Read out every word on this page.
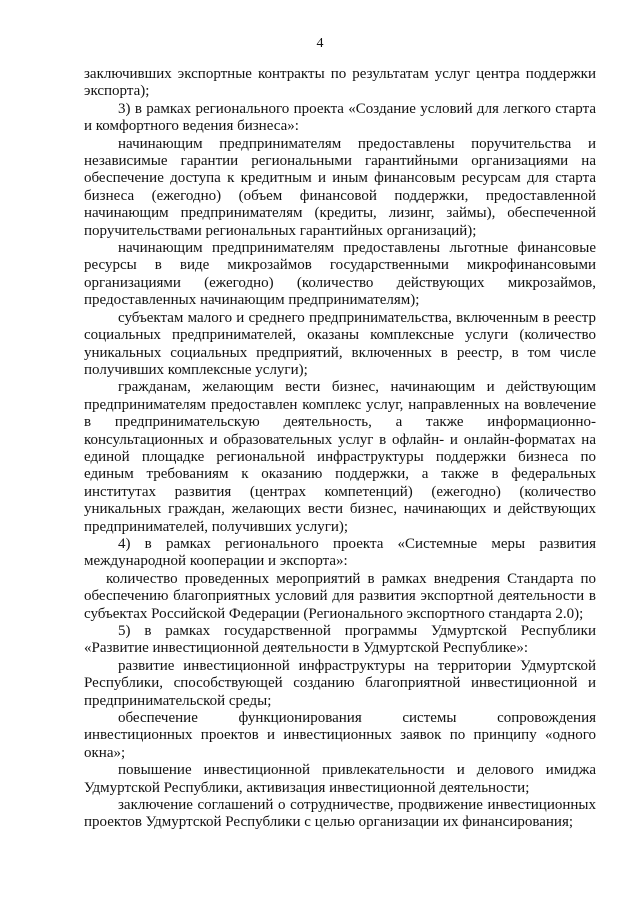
4

заключивших экспортные контракты по результатам услуг центра поддержки экспорта);

3) в рамках регионального проекта «Создание условий для легкого старта и комфортного ведения бизнеса»:

начинающим предпринимателям предоставлены поручительства и независимые гарантии региональными гарантийными организациями на обеспечение доступа к кредитным и иным финансовым ресурсам для старта бизнеса (ежегодно) (объем финансовой поддержки, предоставленной начинающим предпринимателям (кредиты, лизинг, займы), обеспеченной поручительствами региональных гарантийных организаций);

начинающим предпринимателям предоставлены льготные финансовые ресурсы в виде микрозаймов государственными микрофинансовыми организациями (ежегодно) (количество действующих микрозаймов, предоставленных начинающим предпринимателям);

субъектам малого и среднего предпринимательства, включенным в реестр социальных предпринимателей, оказаны комплексные услуги (количество уникальных социальных предприятий, включенных в реестр, в том числе получивших комплексные услуги);

гражданам, желающим вести бизнес, начинающим и действующим предпринимателям предоставлен комплекс услуг, направленных на вовлечение в предпринимательскую деятельность, а также информационно-консультационных и образовательных услуг в офлайн- и онлайн-форматах на единой площадке региональной инфраструктуры поддержки бизнеса по единым требованиям к оказанию поддержки, а также в федеральных институтах развития (центрах компетенций) (ежегодно) (количество уникальных граждан, желающих вести бизнес, начинающих и действующих предпринимателей, получивших услуги);

4) в рамках регионального проекта «Системные меры развития международной кооперации и экспорта»:

количество проведенных мероприятий в рамках внедрения Стандарта по обеспечению благоприятных условий для развития экспортной деятельности в субъектах Российской Федерации (Регионального экспортного стандарта 2.0);

5) в рамках государственной программы Удмуртской Республики «Развитие инвестиционной деятельности в Удмуртской Республике»:

развитие инвестиционной инфраструктуры на территории Удмуртской Республики, способствующей созданию благоприятной инвестиционной и предпринимательской среды;

обеспечение функционирования системы сопровождения инвестиционных проектов и инвестиционных заявок по принципу «одного окна»;

повышение инвестиционной привлекательности и делового имиджа Удмуртской Республики, активизация инвестиционной деятельности;

заключение соглашений о сотрудничестве, продвижение инвестиционных проектов Удмуртской Республики с целью организации их финансирования;
